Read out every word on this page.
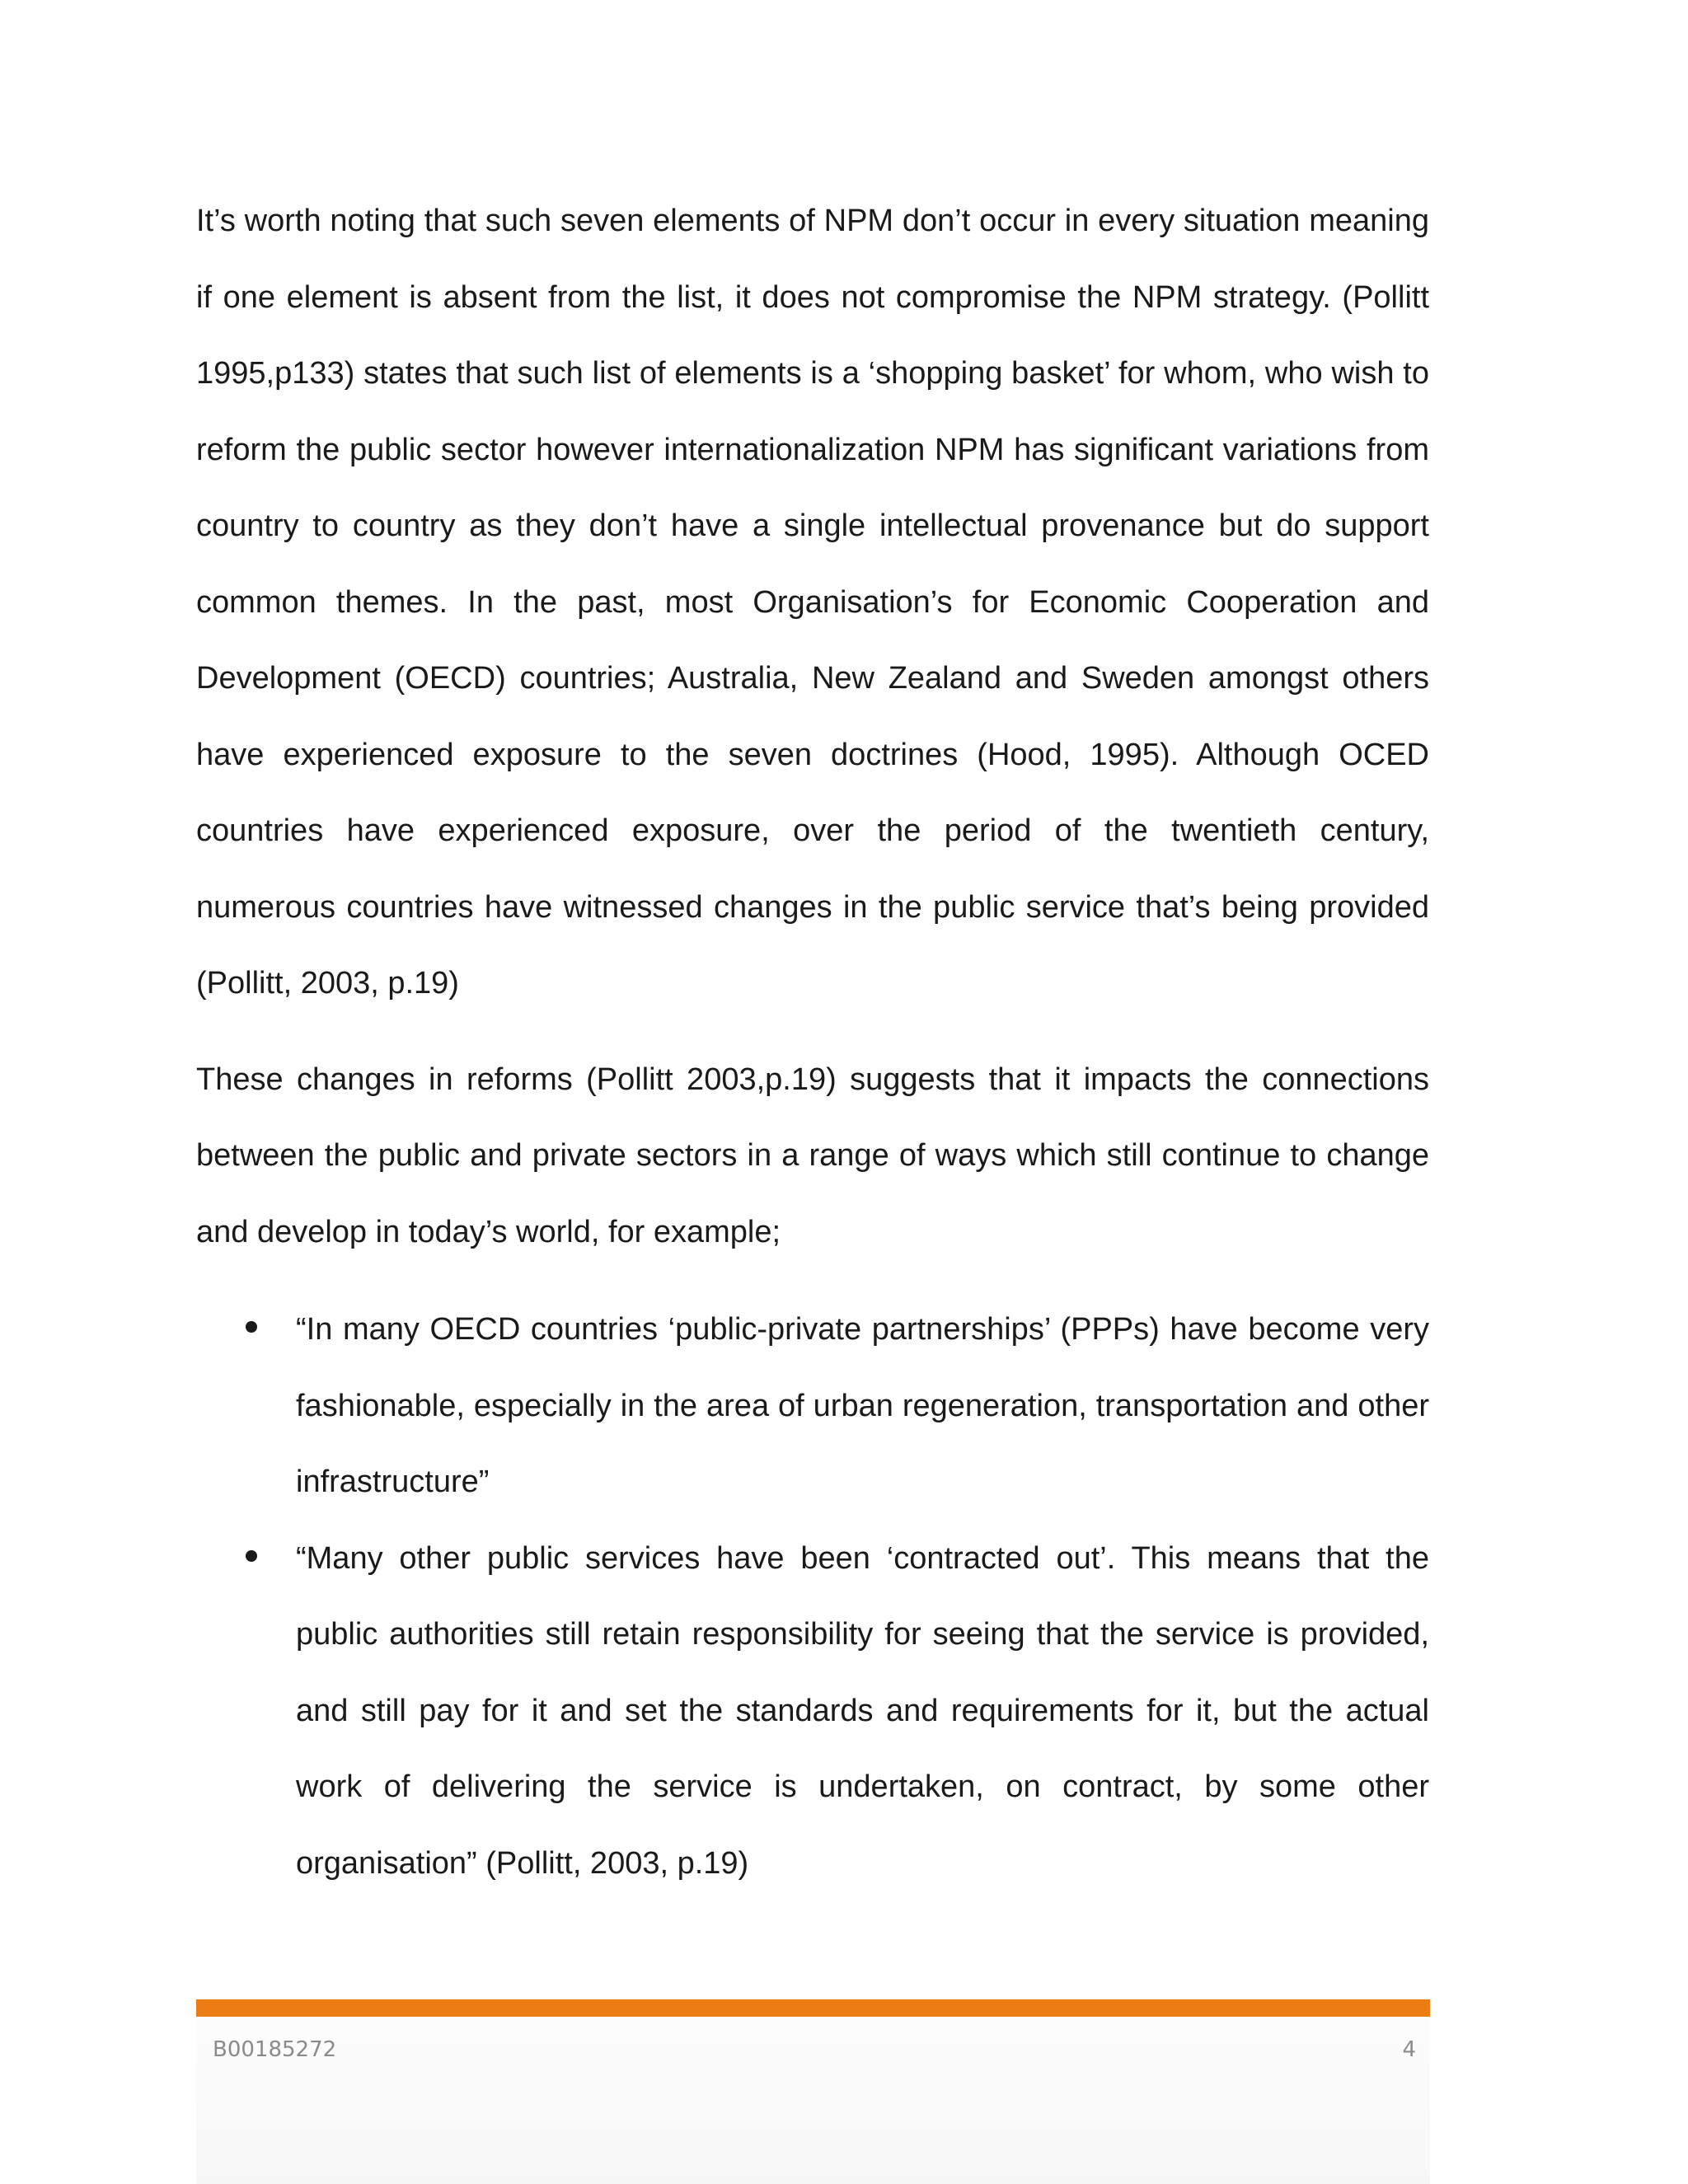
It’s worth noting that such seven elements of NPM don’t occur in every situation meaning if one element is absent from the list, it does not compromise the NPM strategy. (Pollitt 1995,p133) states that such list of elements is a ‘shopping basket’ for whom, who wish to reform the public sector however internationalization NPM has significant variations from country to country as they don’t have a single intellectual provenance but do support common themes. In the past, most Organisation’s for Economic Cooperation and Development (OECD) countries; Australia, New Zealand and Sweden amongst others have experienced exposure to the seven doctrines (Hood, 1995). Although OCED countries have experienced exposure, over the period of the twentieth century, numerous countries have witnessed changes in the public service that’s being provided (Pollitt, 2003, p.19)

These changes in reforms (Pollitt 2003,p.19) suggests that it impacts the connections between the public and private sectors in a range of ways which still continue to change and develop in today’s world, for example;

“In many OECD countries ‘public-private partnerships’ (PPPs) have become very fashionable, especially in the area of urban regeneration, transportation and other infrastructure”
“Many other public services have been ‘contracted out’. This means that the public authorities still retain responsibility for seeing that the service is provided, and still pay for it and set the standards and requirements for it, but the actual work of delivering the service is undertaken, on contract, by some other organisation” (Pollitt, 2003, p.19)
B00185272	4
